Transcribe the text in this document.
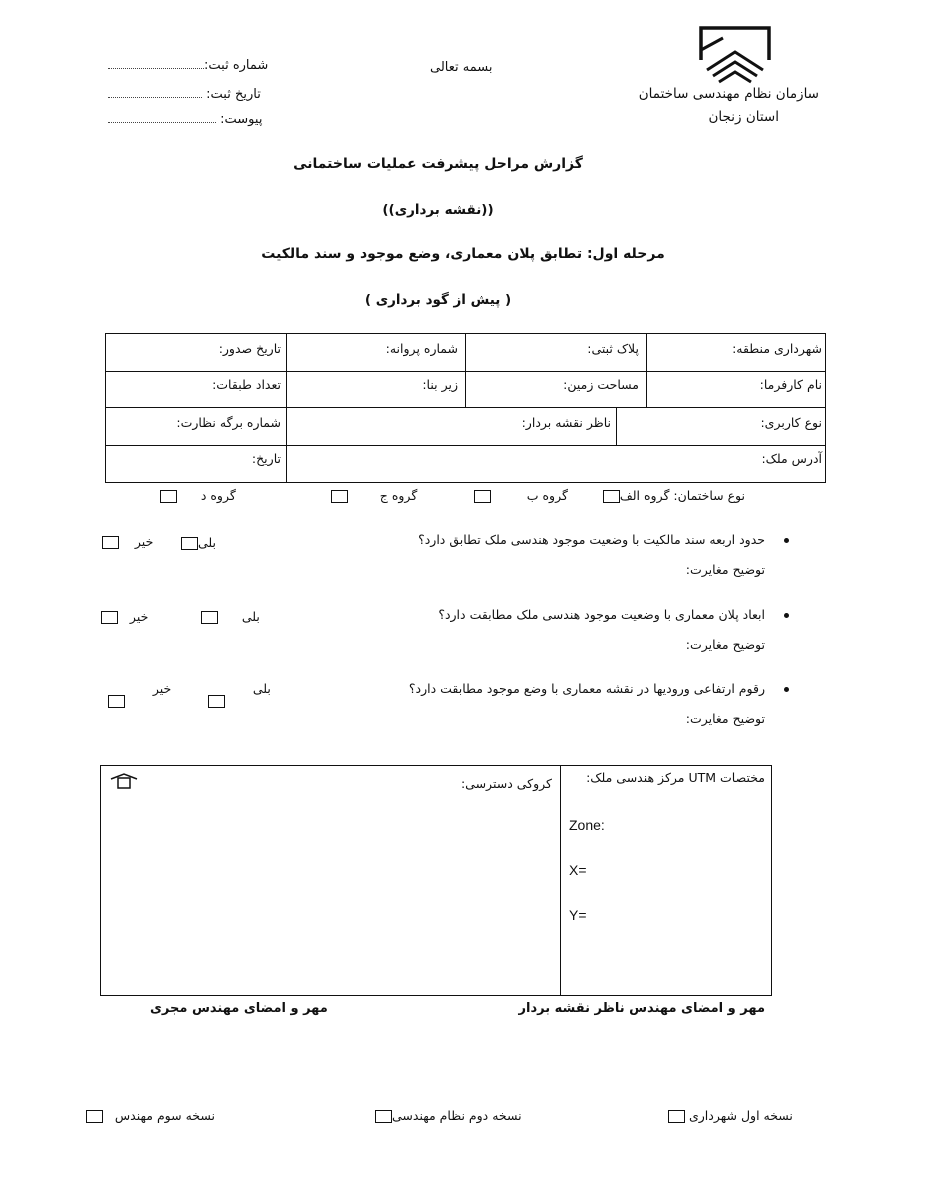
سازمان نظام مهندسی ساختمان
استان زنجان
بسمه تعالی
شماره ثبت:
تاریخ ثبت:
پیوست:
گزارش مراحل پیشرفت عملیات ساختمانی
((نقشه برداری))
مرحله اول: تطابق پلان معماری، وضع موجود و سند مالکیت
( پیش از گود برداری )
شهرداری منطقه:
پلاک ثبتی:
شماره پروانه:
تاریخ صدور:
نام کارفرما:
مساحت زمین:
زیر بنا:
تعداد طبقات:
نوع کاربری:
ناظر نقشه بردار:
شماره برگه نظارت:
آدرس ملک:
تاریخ:
نوع ساختمان: گروه الف
گروه ب
گروه ج
گروه د
حدود اربعه سند مالکیت با وضعیت موجود هندسی ملک تطابق دارد؟
توضیح مغایرت:
بلی
خیر
ابعاد پلان معماری با وضعیت موجود هندسی ملک مطابقت دارد؟
توضیح مغایرت:
بلی
خیر
رقوم ارتفاعی ورودیها در نقشه معماری با وضع موجود مطابقت دارد؟
توضیح مغایرت:
بلی
خیر
مختصات UTM مرکز هندسی ملک:
Zone:
X=
Y=
کروکی دسترسی:
مهر و امضای مهندس ناظر نقشه بردار
مهر و امضای مهندس مجری
نسخه اول شهرداری
نسخه دوم نظام مهندسی
نسخه سوم مهندس
